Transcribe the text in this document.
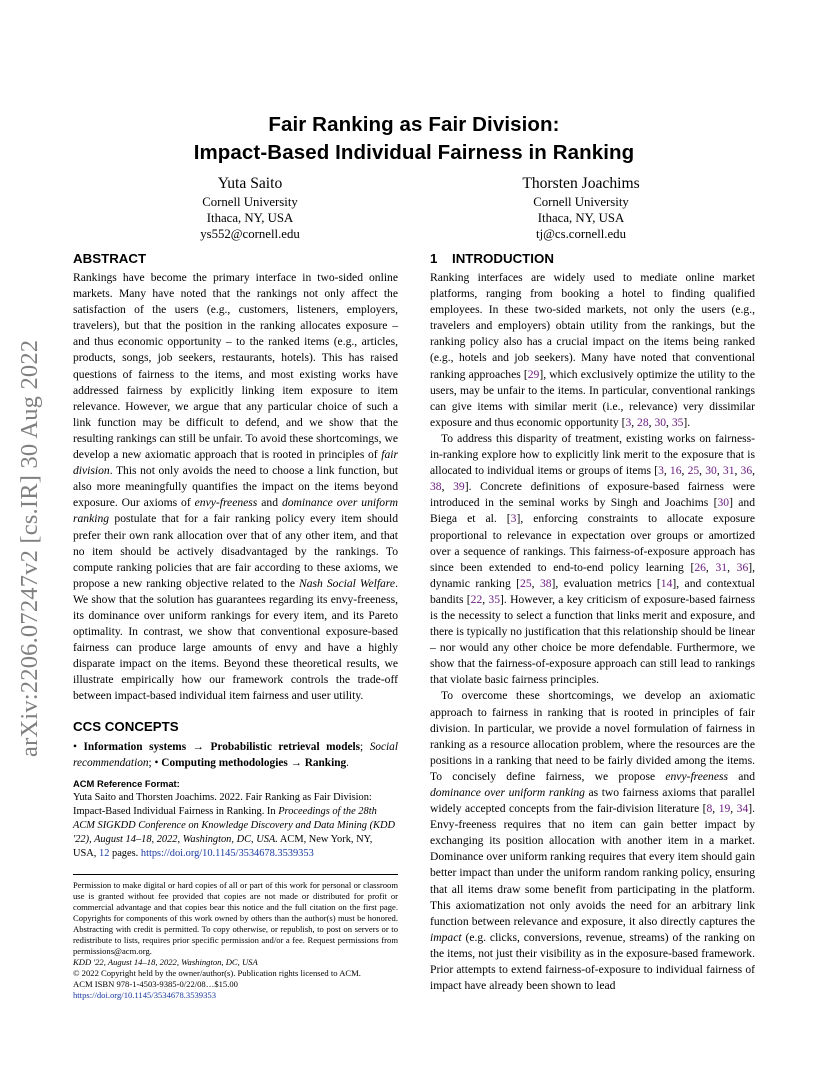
Fair Ranking as Fair Division:
Impact-Based Individual Fairness in Ranking
Yuta Saito
Cornell University
Ithaca, NY, USA
ys552@cornell.edu
Thorsten Joachims
Cornell University
Ithaca, NY, USA
tj@cs.cornell.edu
arXiv:2206.07247v2 [cs.IR] 30 Aug 2022
ABSTRACT

Rankings have become the primary interface in two-sided online markets. Many have noted that the rankings not only affect the satisfaction of the users (e.g., customers, listeners, employers, travelers), but that the position in the ranking allocates exposure – and thus economic opportunity – to the ranked items (e.g., articles, products, songs, job seekers, restaurants, hotels). This has raised questions of fairness to the items, and most existing works have addressed fairness by explicitly linking item exposure to item relevance. However, we argue that any particular choice of such a link function may be difficult to defend, and we show that the resulting rankings can still be unfair. To avoid these shortcomings, we develop a new axiomatic approach that is rooted in principles of fair division. This not only avoids the need to choose a link function, but also more meaningfully quantifies the impact on the items beyond exposure. Our axioms of envy-freeness and dominance over uniform ranking postulate that for a fair ranking policy every item should prefer their own rank allocation over that of any other item, and that no item should be actively disadvantaged by the rankings. To compute ranking policies that are fair according to these axioms, we propose a new ranking objective related to the Nash Social Welfare. We show that the solution has guarantees regarding its envy-freeness, its dominance over uniform rankings for every item, and its Pareto optimality. In contrast, we show that conventional exposure-based fairness can produce large amounts of envy and have a highly disparate impact on the items. Beyond these theoretical results, we illustrate empirically how our framework controls the trade-off between impact-based individual item fairness and user utility.

CCS CONCEPTS

• Information systems → Probabilistic retrieval models; Social recommendation; • Computing methodologies → Ranking.

ACM Reference Format:

Yuta Saito and Thorsten Joachims. 2022. Fair Ranking as Fair Division: Impact-Based Individual Fairness in Ranking. In Proceedings of the 28th ACM SIGKDD Conference on Knowledge Discovery and Data Mining (KDD '22), August 14–18, 2022, Washington, DC, USA. ACM, New York, NY, USA, 12 pages. https://doi.org/10.1145/3534678.3539353

Permission to make digital or hard copies of all or part of this work for personal or classroom use is granted without fee provided that copies are not made or distributed for profit or commercial advantage and that copies bear this notice and the full citation on the first page. Copyrights for components of this work owned by others than the author(s) must be honored. Abstracting with credit is permitted. To copy otherwise, or republish, to post on servers or to redistribute to lists, requires prior specific permission and/or a fee. Request permissions from permissions@acm.org.
KDD '22, August 14–18, 2022, Washington, DC, USA
© 2022 Copyright held by the owner/author(s). Publication rights licensed to ACM.
ACM ISBN 978-1-4503-9385-0/22/08…$15.00
https://doi.org/10.1145/3534678.3539353
1 INTRODUCTION

Ranking interfaces are widely used to mediate online market platforms, ranging from booking a hotel to finding qualified employees. In these two-sided markets, not only the users (e.g., travelers and employers) obtain utility from the rankings, but the ranking policy also has a crucial impact on the items being ranked (e.g., hotels and job seekers). Many have noted that conventional ranking approaches [29], which exclusively optimize the utility to the users, may be unfair to the items. In particular, conventional rankings can give items with similar merit (i.e., relevance) very dissimilar exposure and thus economic opportunity [3, 28, 30, 35].

To address this disparity of treatment, existing works on fairness-in-ranking explore how to explicitly link merit to the exposure that is allocated to individual items or groups of items [3, 16, 25, 30, 31, 36, 38, 39]. Concrete definitions of exposure-based fairness were introduced in the seminal works by Singh and Joachims [30] and Biega et al. [3], enforcing constraints to allocate exposure proportional to relevance in expectation over groups or amortized over a sequence of rankings. This fairness-of-exposure approach has since been extended to end-to-end policy learning [26, 31, 36], dynamic ranking [25, 38], evaluation metrics [14], and contextual bandits [22, 35]. However, a key criticism of exposure-based fairness is the necessity to select a function that links merit and exposure, and there is typically no justification that this relationship should be linear – nor would any other choice be more defendable. Furthermore, we show that the fairness-of-exposure approach can still lead to rankings that violate basic fairness principles.

To overcome these shortcomings, we develop an axiomatic approach to fairness in ranking that is rooted in principles of fair division. In particular, we provide a novel formulation of fairness in ranking as a resource allocation problem, where the resources are the positions in a ranking that need to be fairly divided among the items. To concisely define fairness, we propose envy-freeness and dominance over uniform ranking as two fairness axioms that parallel widely accepted concepts from the fair-division literature [8, 19, 34]. Envy-freeness requires that no item can gain better impact by exchanging its position allocation with another item in a market. Dominance over uniform ranking requires that every item should gain better impact than under the uniform random ranking policy, ensuring that all items draw some benefit from participating in the platform. This axiomatization not only avoids the need for an arbitrary link function between relevance and exposure, it also directly captures the impact (e.g. clicks, conversions, revenue, streams) of the ranking on the items, not just their visibility as in the exposure-based framework. Prior attempts to extend fairness-of-exposure to individual fairness of impact have already been shown to lead
